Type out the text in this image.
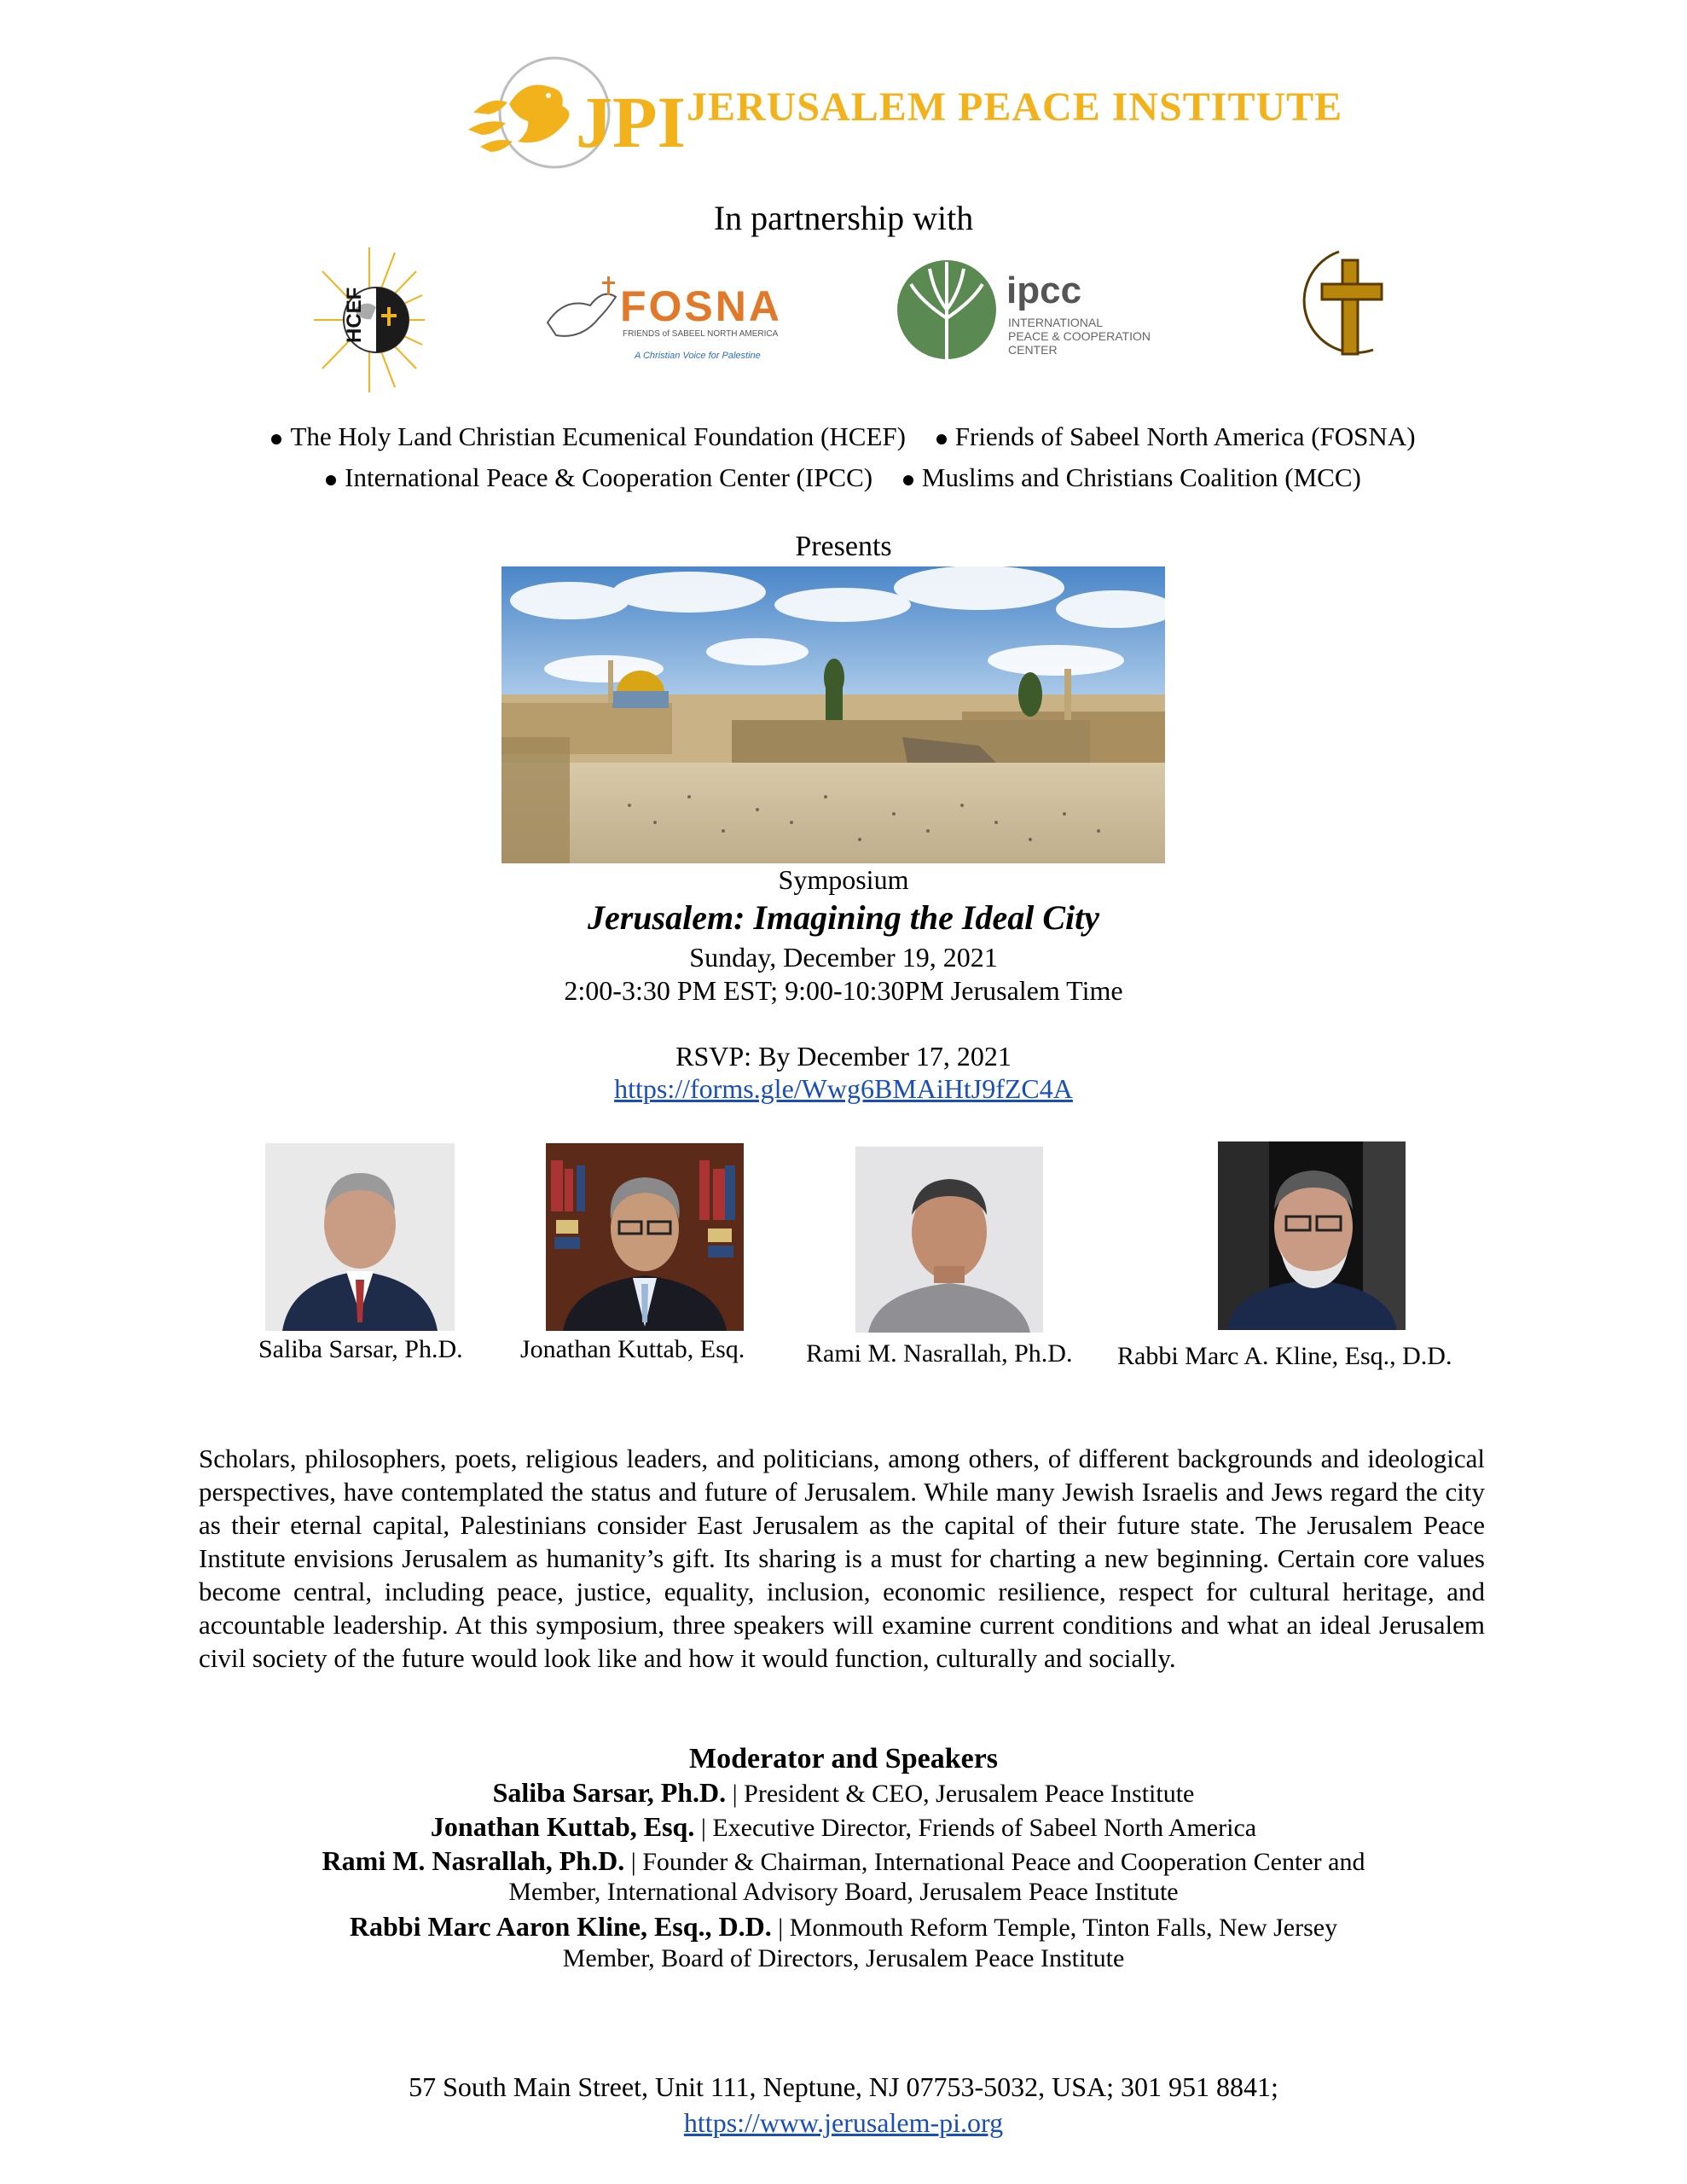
JPI JERUSALEM PEACE INSTITUTE
In partnership with
HCEF	FOSNA
FRIENDS of SABEEL NORTH AMERICA
A Christian Voice for Palestine
ipcc
INTERNATIONAL
PEACE & COOPERATION
CENTER
The Holy Land Christian Ecumenical Foundation (HCEF) Friends of Sabeel North America (FOSNA)
International Peace & Cooperation Center (IPCC) Muslims and Christians Coalition (MCC)
Presents
Symposium
Jerusalem: Imagining the Ideal City
Sunday, December 19, 2021
2:00-3:30 PM EST; 9:00-10:30PM Jerusalem Time
RSVP: By December 17, 2021
https://forms.gle/Wwg6BMAiHtJ9fZC4A
Saliba Sarsar, Ph.D. Jonathan Kuttab, Esq. Rami M. Nasrallah, Ph.D. Rabbi Marc A. Kline, Esq., D.D.
Scholars, philosophers, poets, religious leaders, and politicians, among others, of different backgrounds and ideological perspectives, have contemplated the status and future of Jerusalem. While many Jewish Israelis and Jews regard the city as their eternal capital, Palestinians consider East Jerusalem as the capital of their future state. The Jerusalem Peace Institute envisions Jerusalem as humanity’s gift. Its sharing is a must for charting a new beginning. Certain core values become central, including peace, justice, equality, inclusion, economic resilience, respect for cultural heritage, and accountable leadership. At this symposium, three speakers will examine current conditions and what an ideal Jerusalem civil society of the future would look like and how it would function, culturally and socially.
Moderator and Speakers
Saliba Sarsar, Ph.D. | President & CEO, Jerusalem Peace Institute
Jonathan Kuttab, Esq. | Executive Director, Friends of Sabeel North America
Rami M. Nasrallah, Ph.D. | Founder & Chairman, International Peace and Cooperation Center and
Member, International Advisory Board, Jerusalem Peace Institute
Rabbi Marc Aaron Kline, Esq., D.D. | Monmouth Reform Temple, Tinton Falls, New Jersey
Member, Board of Directors, Jerusalem Peace Institute
57 South Main Street, Unit 111, Neptune, NJ 07753-5032, USA; 301 951 8841;
https://www.jerusalem-pi.org
